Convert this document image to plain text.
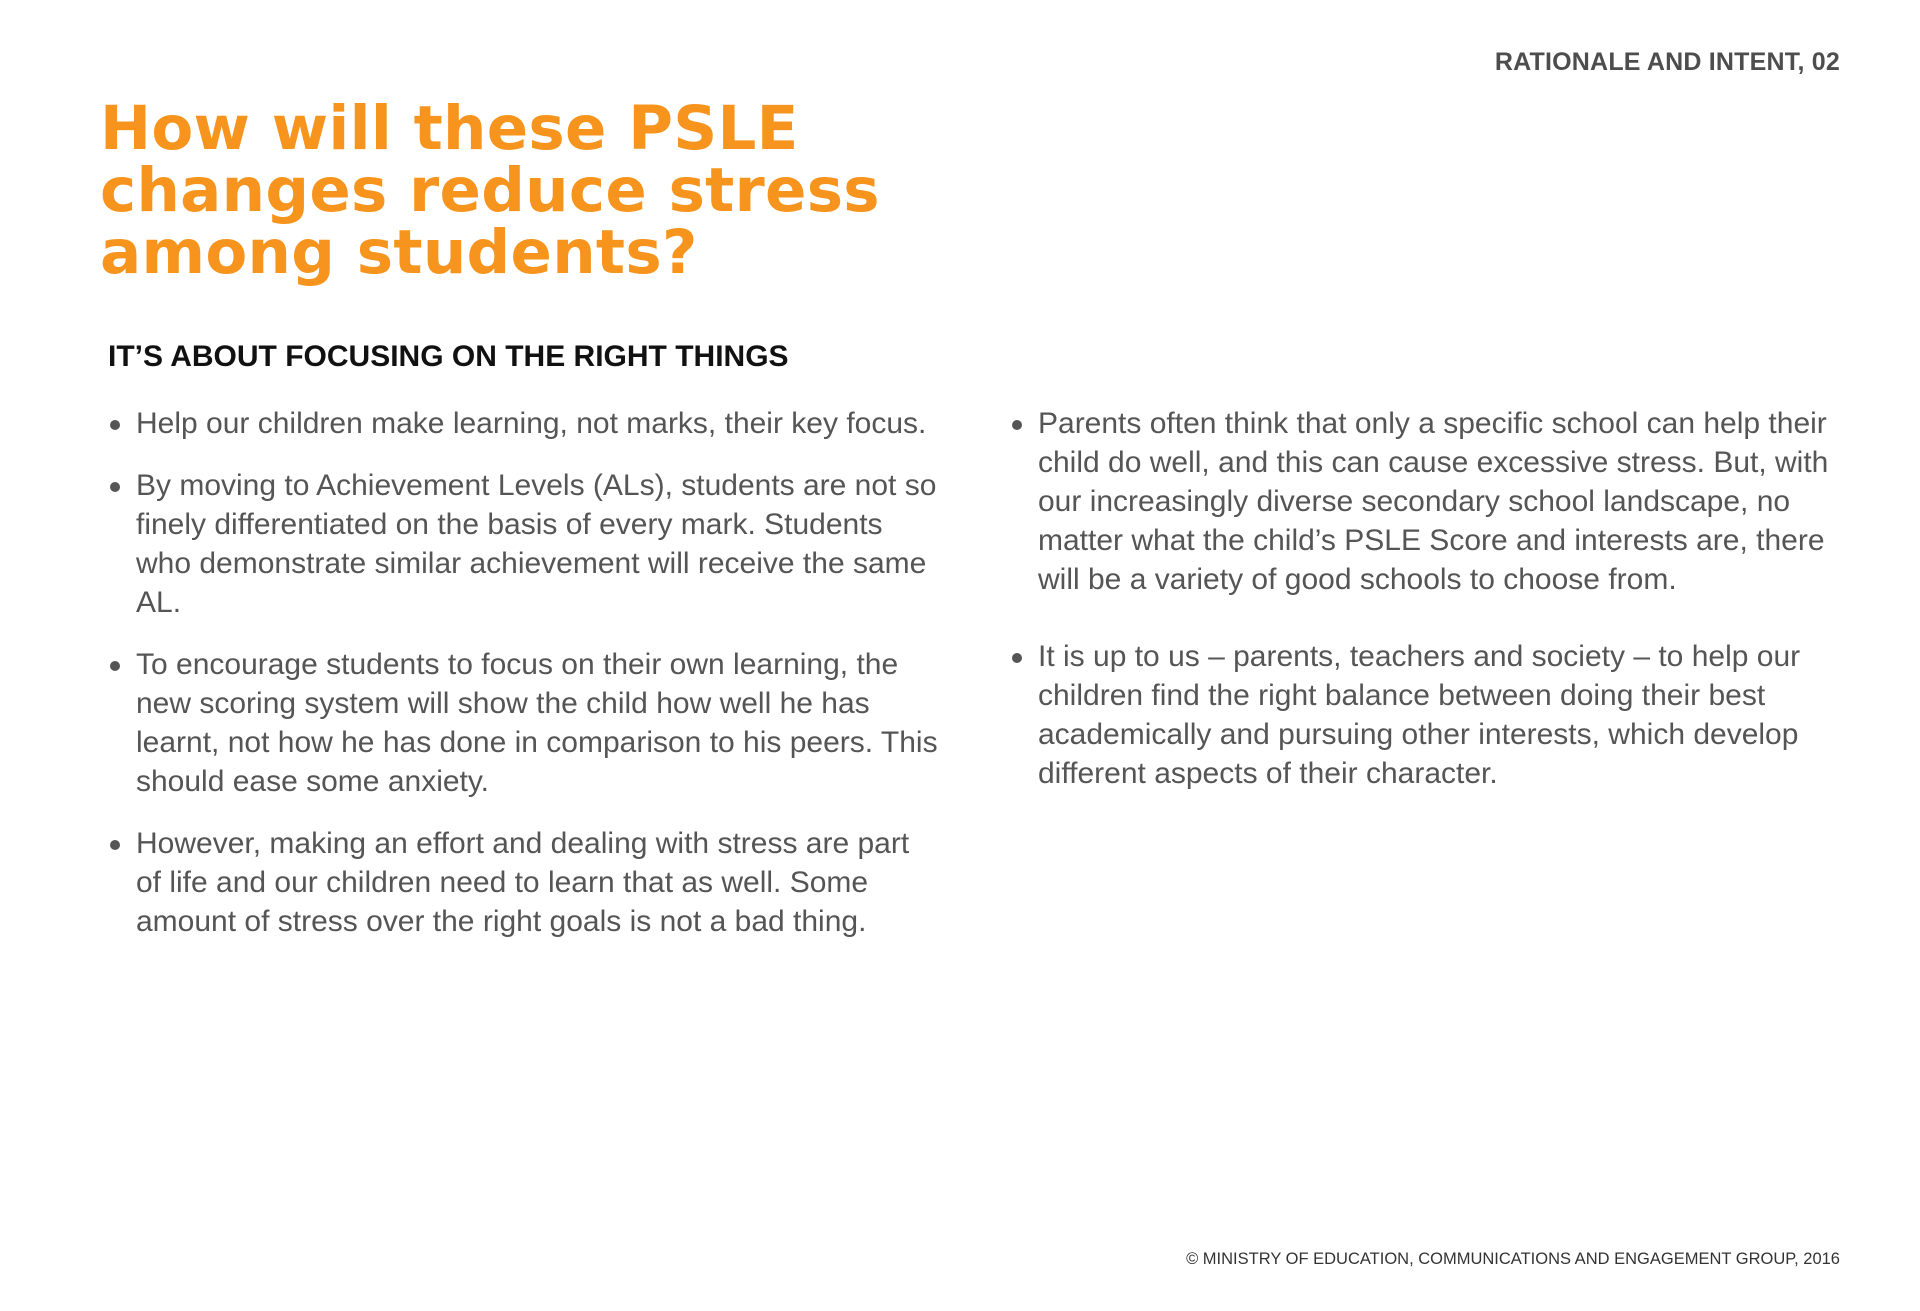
RATIONALE AND INTENT, 02

How will these PSLE changes reduce stress among students?
IT’S ABOUT FOCUSING ON THE RIGHT THINGS
Help our children make learning, not marks, their key focus.
By moving to Achievement Levels (ALs), students are not so finely differentiated on the basis of every mark. Students who demonstrate similar achievement will receive the same AL.
To encourage students to focus on their own learning, the new scoring system will show the child how well he has learnt, not how he has done in comparison to his peers. This should ease some anxiety.
However, making an effort and dealing with stress are part of life and our children need to learn that as well. Some amount of stress over the right goals is not a bad thing.
Parents often think that only a specific school can help their child do well, and this can cause excessive stress. But, with our increasingly diverse secondary school landscape, no matter what the child’s PSLE Score and interests are, there will be a variety of good schools to choose from.
It is up to us – parents, teachers and society – to help our children find the right balance between doing their best academically and pursuing other interests, which develop different aspects of their character.

© MINISTRY OF EDUCATION, COMMUNICATIONS AND ENGAGEMENT GROUP, 2016
